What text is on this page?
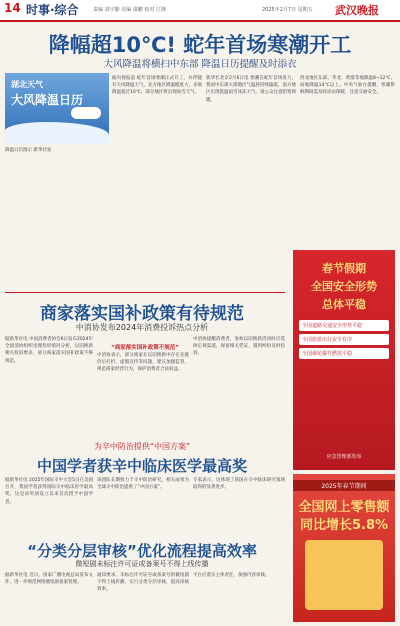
14 时事·综合	责编 刘宇勤 美编 邵鹏 校对 江锋	2025年2月7日 星期五 武汉晚报
降幅超10℃! 蛇年首场寒潮开工
大风降温将横扫中东部 降温日历提醒及时添衣
湖北天气
大风降温日历
降温日历图示 新华社发
据央视报道 蛇年首场寒潮正式开工，并伴随有大风降温天气，北方地区降温幅度大，多地降温超过10℃，部分地区将出现雨雪天气。
新华社北京2月6日电 寒潮在蛇年首场发力，我国中东部大部地区气温将持续偏低，南方地区出现低温雨雪冰冻天气，请公众注意防寒保暖。
西北地区东部、华北、黄淮等地降温8~12℃，局地降温14℃以上。中央气象台提醒，寒潮影响期间需及时添衣保暖，注意交通安全。
商家落实国补政策有待规范
中消协发布2024年消费投诉热点分析
“商家落实国补政策不规范”
据新华社电 中国消费者协会6日发布2024年全国消协组织受理投诉情况分析，以旧换新相关投诉增多，部分商家落实国补政策不够规范。
中消协表示，部分商家在以旧换新中存在先涨价后打折、虚假宣传等问题，建议加强监管，规范商家经营行为，保护消费者合法权益。
中消协提醒消费者，参加以旧换新活动时应选择正规渠道，保留相关凭证，遇到纠纷及时投诉。
为辛中防治提供“中国方案”
中国学者获辛中临床医学最高奖
据新华社电 2025年国际辛中大会5日在美国召开，我国学者获得国际辛中临床医学最高奖，这是该奖项设立以来首次授予中国学者。
该团队长期致力于辛中防治研究，相关成果为全球辛中防治提供了“中国方案”。
专家表示，这体现了我国在辛中临床研究领域取得的显著进步。
“分类分层审核”优化流程提高效率
微短剧未标注许可证或备案号不得上线传播
据新华社电 近日，国家广播电视总局发布文件，进一步规范网络微短剧备案管理。
通知要求，未标注许可证号或备案号的微短剧不得上线传播，实行分类分层审核，提高审核效率。
平台应落实主体责任，加强内容审核。
春节假期
全国安全形势
总体平稳
全国道路交通安全形势平稳
全国旅游出行安全有序
全国烟花爆竹燃放平稳
应急管理部发布
2025年春节期间
全国网上零售额
同比增长5.8%
